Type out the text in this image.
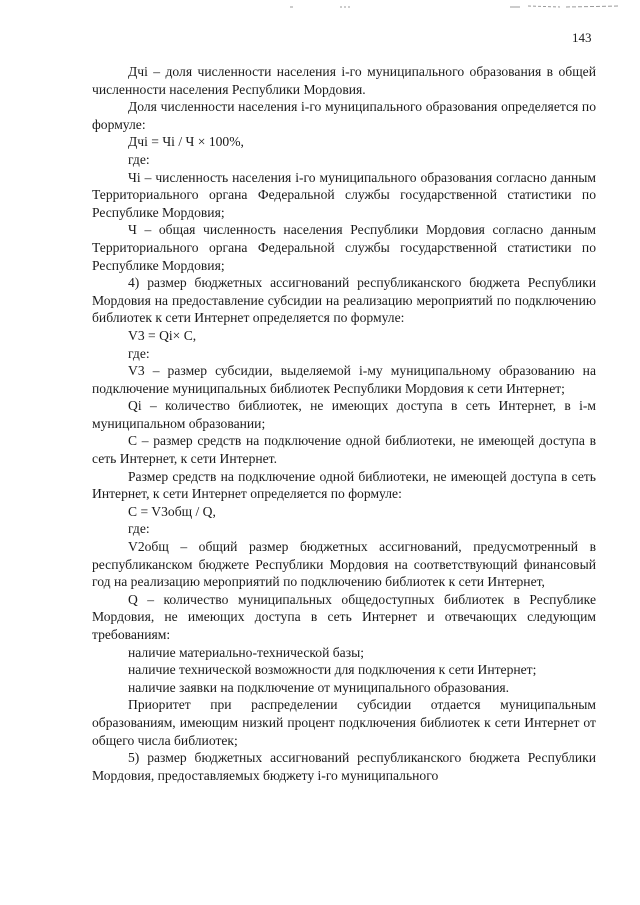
143

Дчі – доля численности населения і-го муниципального образования в общей численности населения Республики Мордовия.

Доля численности населения і-го муниципального образования определяется по формуле:

Дчі = Чі / Ч × 100%,

где:

Чі – численность населения і-го муниципального образования согласно данным Территориального органа Федеральной службы государственной статистики по Республике Мордовия;

Ч – общая численность населения Республики Мордовия согласно данным Территориального органа Федеральной службы государственной статистики по Республике Мордовия;

4) размер бюджетных ассигнований республиканского бюджета Республики Мордовия на предоставление субсидии на реализацию мероприятий по подключению библиотек к сети Интернет определяется по формуле:

V3 = Qі× C,

где:

V3 – размер субсидии, выделяемой і-му муниципальному образованию на подключение муниципальных библиотек Республики Мордовия к сети Интернет;

Qі – количество библиотек, не имеющих доступа в сеть Интернет, в і-м муниципальном образовании;

C – размер средств на подключение одной библиотеки, не имеющей доступа в сеть Интернет, к сети Интернет.

Размер средств на подключение одной библиотеки, не имеющей доступа в сеть Интернет, к сети Интернет определяется по формуле:

C = V3общ / Q,

где:

V2общ – общий размер бюджетных ассигнований, предусмотренный в республиканском бюджете Республики Мордовия на соответствующий финансовый год на реализацию мероприятий по подключению библиотек к сети Интернет,

Q – количество муниципальных общедоступных библиотек в Республике Мордовия, не имеющих доступа в сеть Интернет и отвечающих следующим требованиям:

наличие материально-технической базы;

наличие технической возможности для подключения к сети Интернет;

наличие заявки на подключение от муниципального образования.

Приоритет при распределении субсидии отдается муниципальным образованиям, имеющим низкий процент подключения библиотек к сети Интернет от общего числа библиотек;

5) размер бюджетных ассигнований республиканского бюджета Республики Мордовия, предоставляемых бюджету і-го муниципального
